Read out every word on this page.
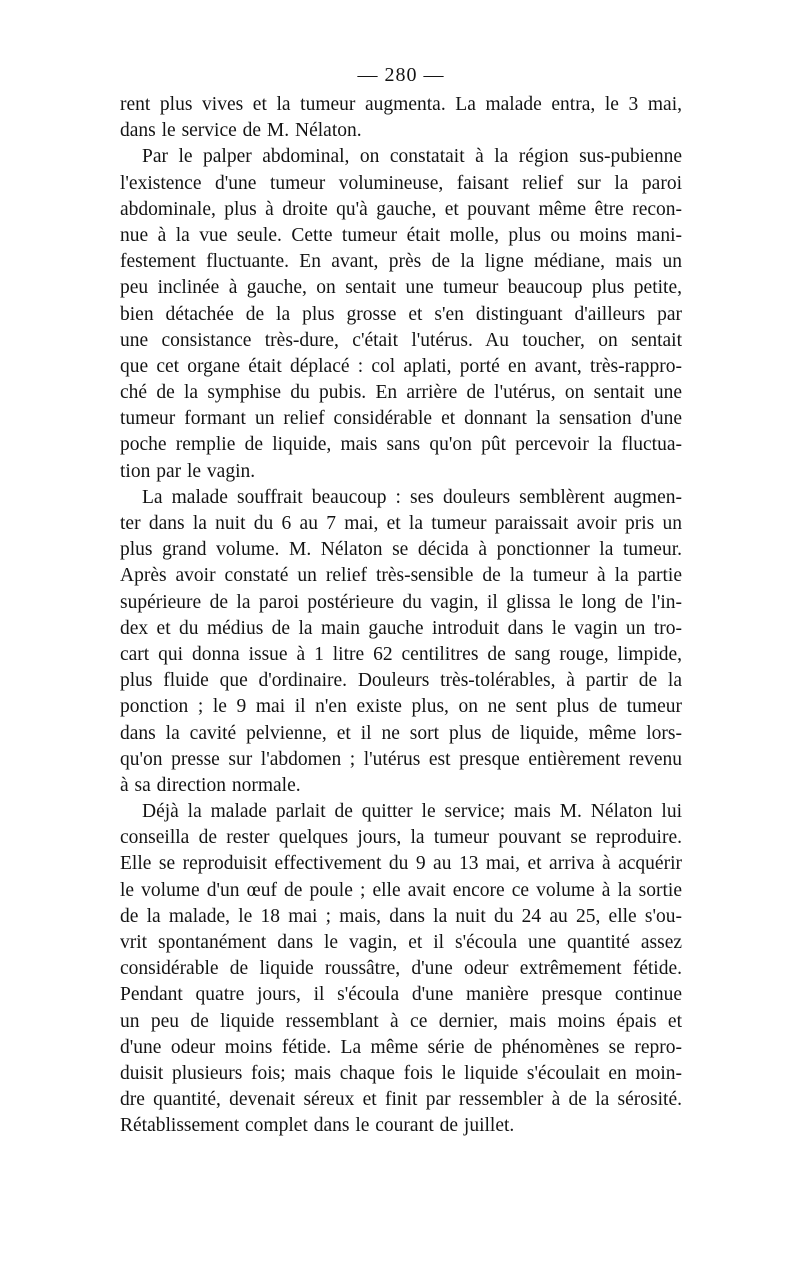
— 280 —
rent plus vives et la tumeur augmenta. La malade entra, le 3 mai,
dans le service de M. Nélaton.
Par le palper abdominal, on constatait à la région sus-pubienne
l'existence d'une tumeur volumineuse, faisant relief sur la paroi
abdominale, plus à droite qu'à gauche, et pouvant même être recon-
nue à la vue seule. Cette tumeur était molle, plus ou moins mani-
festement fluctuante. En avant, près de la ligne médiane, mais un
peu inclinée à gauche, on sentait une tumeur beaucoup plus petite,
bien détachée de la plus grosse et s'en distinguant d'ailleurs par
une consistance très-dure, c'était l'utérus. Au toucher, on sentait
que cet organe était déplacé : col aplati, porté en avant, très-rappro-
ché de la symphise du pubis. En arrière de l'utérus, on sentait une
tumeur formant un relief considérable et donnant la sensation d'une
poche remplie de liquide, mais sans qu'on pût percevoir la fluctua-
tion par le vagin.
La malade souffrait beaucoup : ses douleurs semblèrent augmen-
ter dans la nuit du 6 au 7 mai, et la tumeur paraissait avoir pris un
plus grand volume. M. Nélaton se décida à ponctionner la tumeur.
Après avoir constaté un relief très-sensible de la tumeur à la partie
supérieure de la paroi postérieure du vagin, il glissa le long de l'in-
dex et du médius de la main gauche introduit dans le vagin un tro-
cart qui donna issue à 1 litre 62 centilitres de sang rouge, limpide,
plus fluide que d'ordinaire. Douleurs très-tolérables, à partir de la
ponction ; le 9 mai il n'en existe plus, on ne sent plus de tumeur
dans la cavité pelvienne, et il ne sort plus de liquide, même lors-
qu'on presse sur l'abdomen ; l'utérus est presque entièrement revenu
à sa direction normale.
Déjà la malade parlait de quitter le service; mais M. Nélaton lui
conseilla de rester quelques jours, la tumeur pouvant se reproduire.
Elle se reproduisit effectivement du 9 au 13 mai, et arriva à acquérir
le volume d'un œuf de poule ; elle avait encore ce volume à la sortie
de la malade, le 18 mai ; mais, dans la nuit du 24 au 25, elle s'ou-
vrit spontanément dans le vagin, et il s'écoula une quantité assez
considérable de liquide roussâtre, d'une odeur extrêmement fétide.
Pendant quatre jours, il s'écoula d'une manière presque continue
un peu de liquide ressemblant à ce dernier, mais moins épais et
d'une odeur moins fétide. La même série de phénomènes se repro-
duisit plusieurs fois; mais chaque fois le liquide s'écoulait en moin-
dre quantité, devenait séreux et finit par ressembler à de la sérosité.
Rétablissement complet dans le courant de juillet.
